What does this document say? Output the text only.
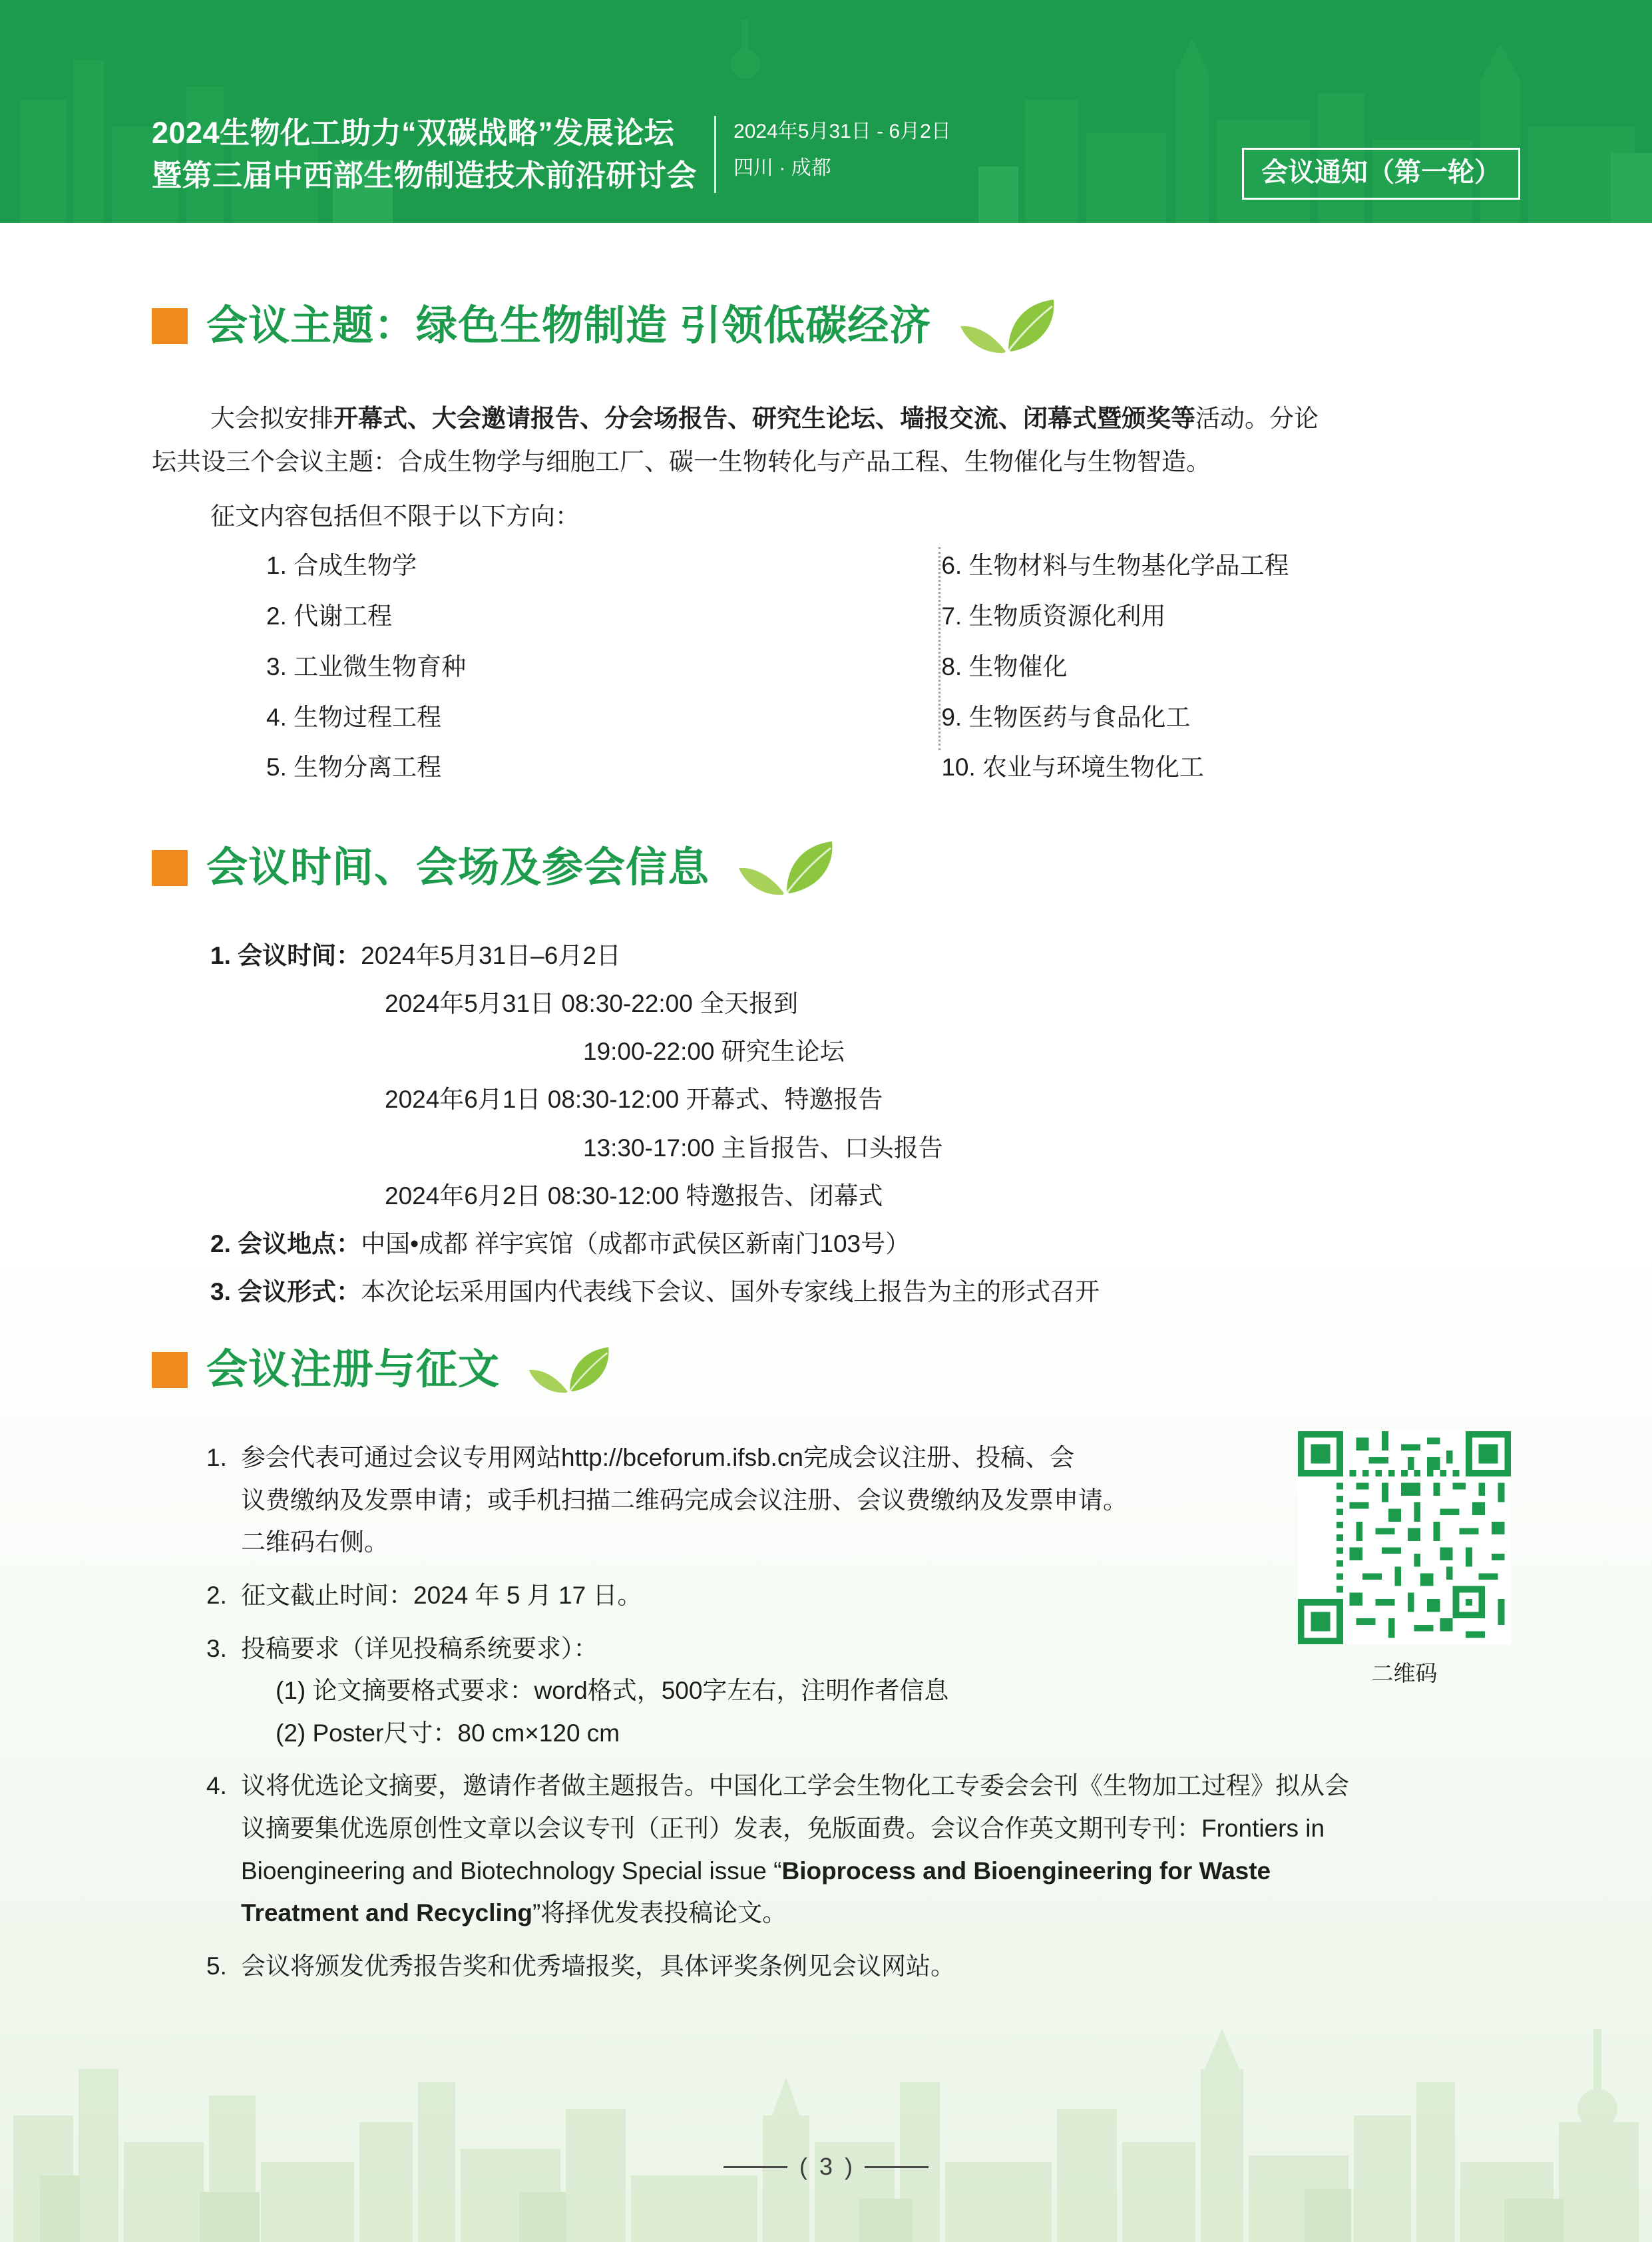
2024生物化工助力“双碳战略”发展论坛
暨第三届中西部生物制造技术前沿研讨会
2024年5月31日 - 6月2日
四川 · 成都	会议通知（第一轮）
会议主题：绿色生物制造 引领低碳经济
大会拟安排开幕式、大会邀请报告、分会场报告、研究生论坛、墙报交流、闭幕式暨颁奖等活动。分论
坛共设三个会议主题：合成生物学与细胞工厂、碳一生物转化与产品工程、生物催化与生物智造。
征文内容包括但不限于以下方向：
1. 合成生物学
2. 代谢工程
3. 工业微生物育种
4. 生物过程工程
5. 生物分离工程
6. 生物材料与生物基化学品工程
7. 生物质资源化利用
8. 生物催化
9. 生物医药与食品化工
10. 农业与环境生物化工
会议时间、会场及参会信息
1. 会议时间： 2024年5月31日–6月2日
2024年5月31日 08:30-22:00 全天报到
19:00-22:00 研究生论坛
2024年6月1日 08:30-12:00 开幕式、特邀报告
13:30-17:00 主旨报告、口头报告
2024年6月2日 08:30-12:00 特邀报告、闭幕式
2. 会议地点： 中国•成都 祥宇宾馆（成都市武侯区新南门103号）
3. 会议形式： 本次论坛采用国内代表线下会议、国外专家线上报告为主的形式召开
会议注册与征文
1. 参会代表可通过会议专用网站http://bceforum.ifsb.cn完成会议注册、投稿、会
议费缴纳及发票申请；或手机扫描二维码完成会议注册、会议费缴纳及发票申请。
二维码右侧。
2. 征文截止时间：2024 年 5 月 17 日。
3. 投稿要求（详见投稿系统要求）：
(1) 论文摘要格式要求：word格式，500字左右，注明作者信息
(2) Poster尺寸：80 cm×120 cm
4. 议将优选论文摘要，邀请作者做主题报告。中国化工学会生物化工专委会会刊《生物加工过程》拟从会
议摘要集优选原创性文章以会议专刊（正刊）发表，免版面费。会议合作英文期刊专刊：Frontiers in
Bioengineering and Biotechnology Special issue “Bioprocess and Bioengineering for Waste
Treatment and Recycling”将择优发表投稿论文。
5. 会议将颁发优秀报告奖和优秀墙报奖，具体评奖条例见会议网站。
二维码
( 3 )
